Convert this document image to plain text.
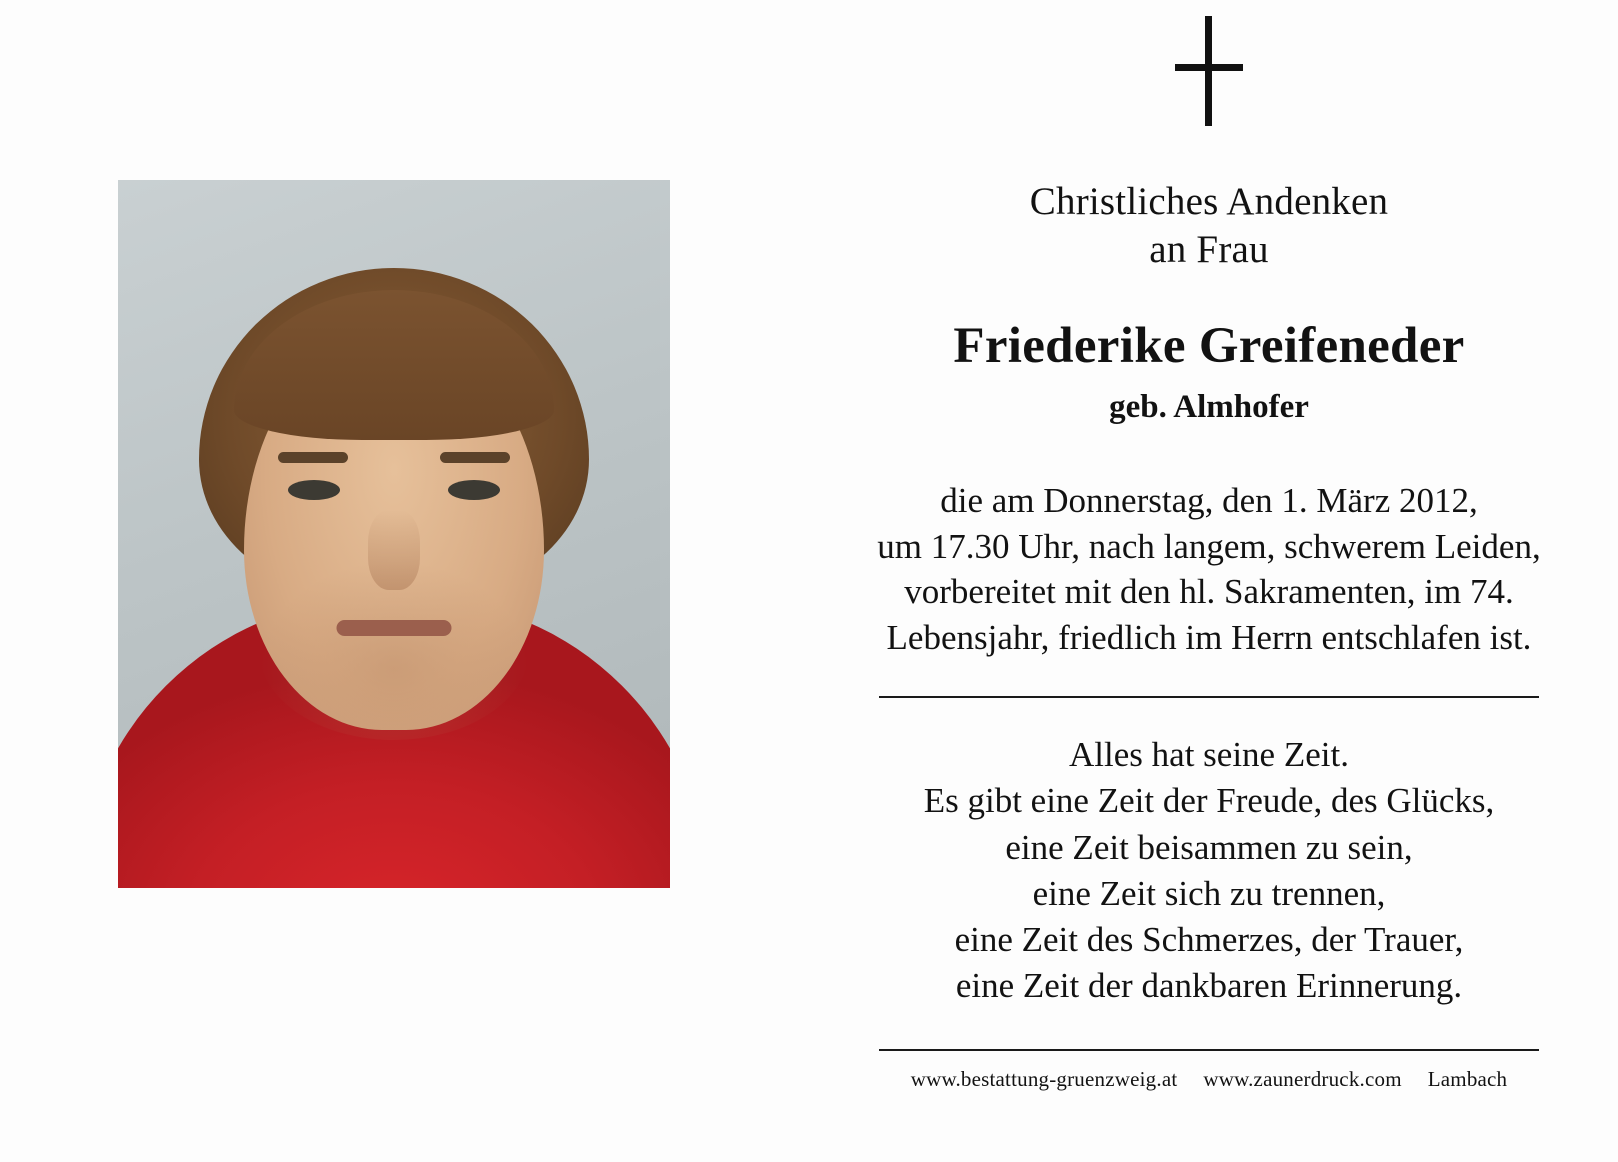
Christliches Andenken
an Frau
Friederike Greifeneder
geb. Almhofer
die am Donnerstag, den 1. März 2012,
um 17.30 Uhr, nach langem, schwerem Leiden,
vorbereitet mit den hl. Sakramenten, im 74.
Lebensjahr, friedlich im Herrn entschlafen ist.
Alles hat seine Zeit.
Es gibt eine Zeit der Freude, des Glücks,
eine Zeit beisammen zu sein,
eine Zeit sich zu trennen,
eine Zeit des Schmerzes, der Trauer,
eine Zeit der dankbaren Erinnerung.
www.bestattung-gruenzweig.at www.zaunerdruck.com Lambach
